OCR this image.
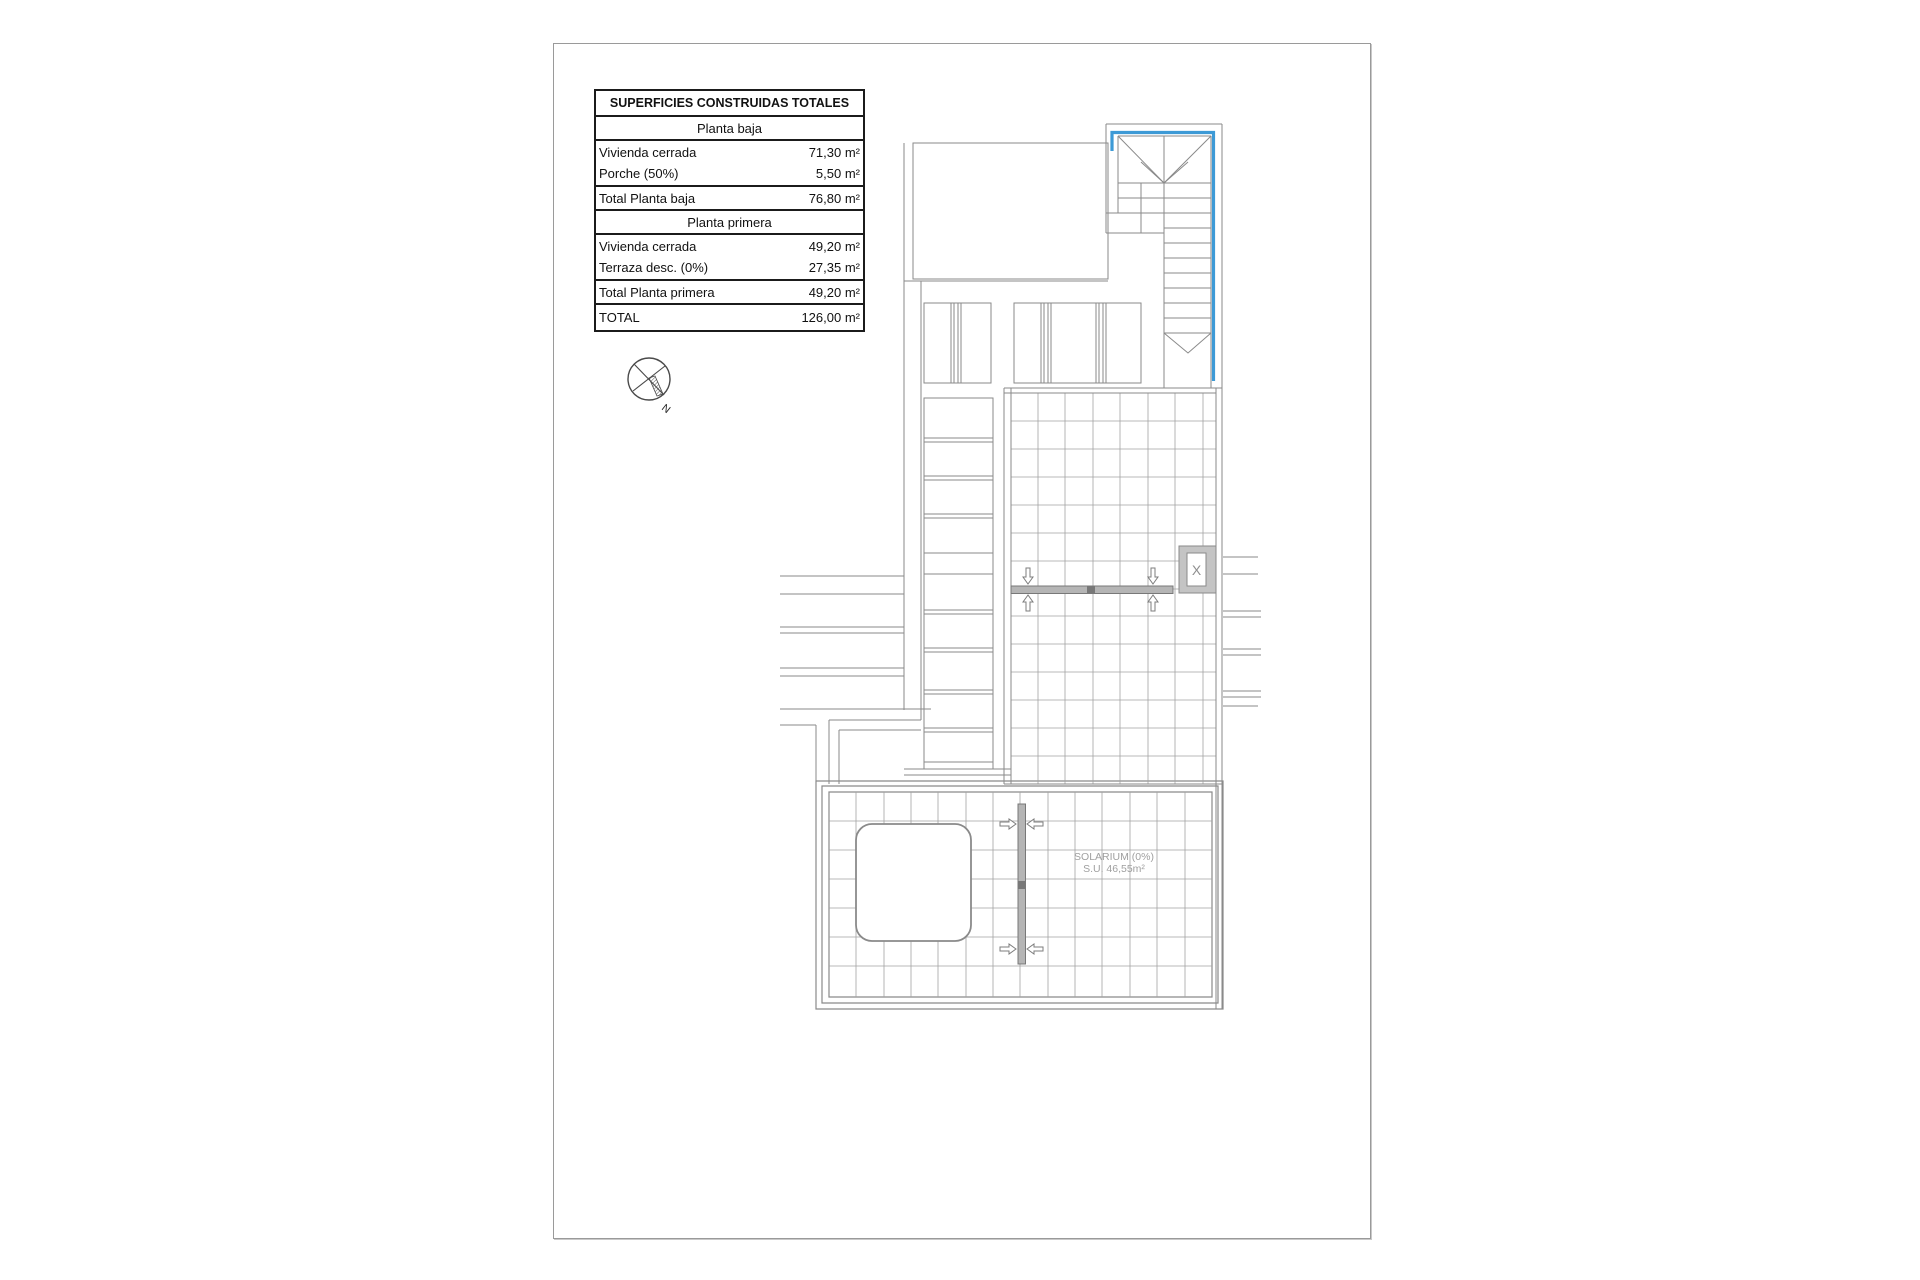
X
SOLARIUM (0%)
S.U. 46,55m²
N
SUPERFICIES CONSTRUIDAS TOTALES
Planta baja
Vivienda cerrada	71,30 m²
Porche (50%)	5,50 m²
Total Planta baja	76,80 m²
Planta primera
Vivienda cerrada	49,20 m²
Terraza desc. (0%)	27,35 m²
Total Planta primera	49,20 m²
TOTAL	126,00 m²
